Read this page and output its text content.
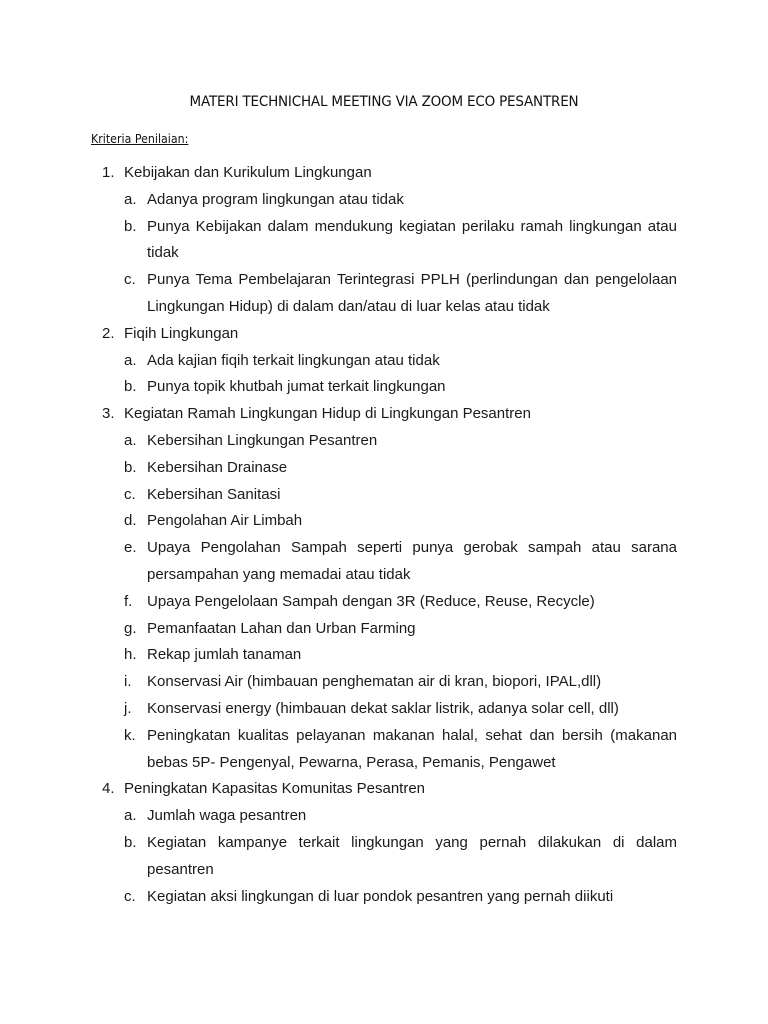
MATERI TECHNICHAL MEETING VIA ZOOM ECO PESANTREN

Kriteria Penilaian:

1. Kebijakan dan Kurikulum Lingkungan
a. Adanya program lingkungan atau tidak
b. Punya Kebijakan dalam mendukung kegiatan perilaku ramah lingkungan atau tidak
c. Punya Tema Pembelajaran Terintegrasi PPLH (perlindungan dan pengelolaan Lingkungan Hidup) di dalam dan/atau di luar kelas atau tidak
2. Fiqih Lingkungan
a. Ada kajian fiqih terkait lingkungan atau tidak
b. Punya topik khutbah jumat terkait lingkungan
3. Kegiatan Ramah Lingkungan Hidup di Lingkungan Pesantren
a. Kebersihan Lingkungan Pesantren
b. Kebersihan Drainase
c. Kebersihan Sanitasi
d. Pengolahan Air Limbah
e. Upaya Pengolahan Sampah seperti punya gerobak sampah atau sarana persampahan yang memadai atau tidak
f. Upaya Pengelolaan Sampah dengan 3R (Reduce, Reuse, Recycle)
g. Pemanfaatan Lahan dan Urban Farming
h. Rekap jumlah tanaman
i. Konservasi Air (himbauan penghematan air di kran, biopori, IPAL,dll)
j. Konservasi energy (himbauan dekat saklar listrik, adanya solar cell, dll)
k. Peningkatan kualitas pelayanan makanan halal, sehat dan bersih (makanan bebas 5P- Pengenyal, Pewarna, Perasa, Pemanis, Pengawet
4. Peningkatan Kapasitas Komunitas Pesantren
a. Jumlah waga pesantren
b. Kegiatan kampanye terkait lingkungan yang pernah dilakukan di dalam pesantren
c. Kegiatan aksi lingkungan di luar pondok pesantren yang pernah diikuti
